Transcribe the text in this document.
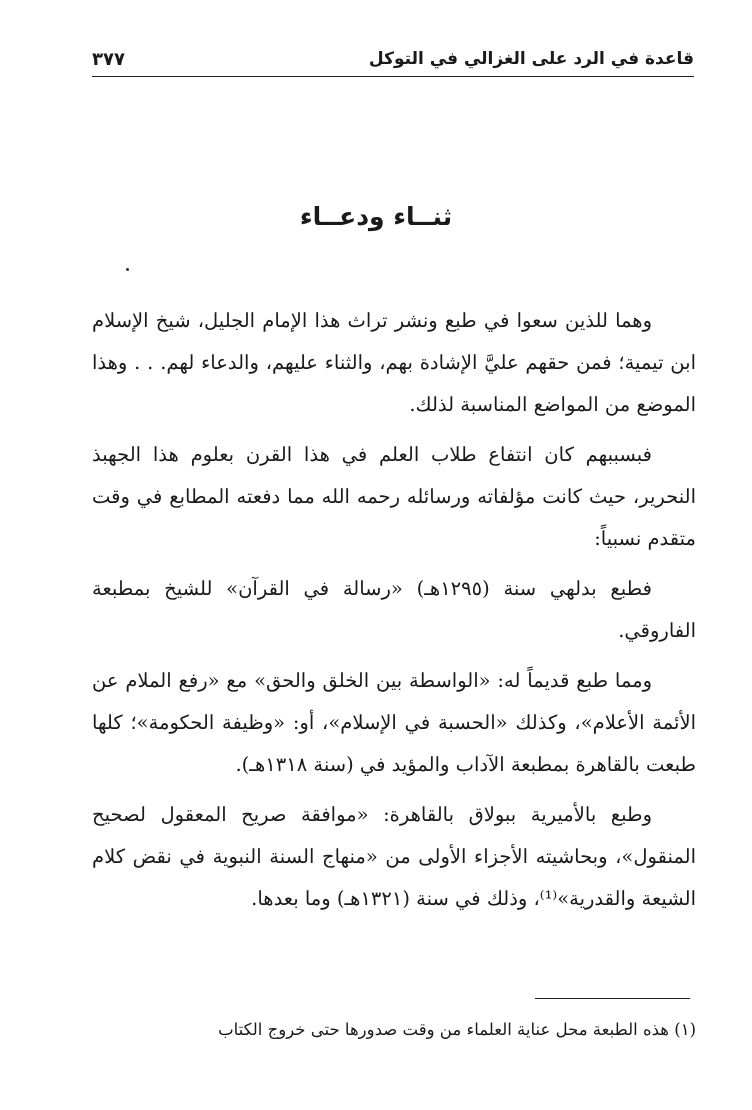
قاعدة في الرد على الغزالي في التوكل
٣٧٧
ثنــاء ودعــاء

وهما للذين سعوا في طبع ونشر تراث هذا الإمام الجليل، شيخ الإسلام ابن تيمية؛ فمن حقهم عليَّ الإشادة بهم، والثناء عليهم، والدعاء لهم. . . وهذا الموضع من المواضع المناسبة لذلك.

فبسببهم كان انتفاع طلاب العلم في هذا القرن بعلوم هذا الجهبذ النحرير، حيث كانت مؤلفاته ورسائله رحمه الله مما دفعته المطابع في وقت متقدم نسبياً:

فطبع بدلهي سنة (١٢٩٥هـ) «رسالة في القرآن» للشيخ بمطبعة الفاروقي.

ومما طبع قديماً له: «الواسطة بين الخلق والحق» مع «رفع الملام عن الأئمة الأعلام»، وكذلك «الحسبة في الإسلام»، أو: «وظيفة الحكومة»؛ كلها طبعت بالقاهرة بمطبعة الآداب والمؤيد في (سنة ١٣١٨هـ).

وطبع بالأميرية ببولاق بالقاهرة: «موافقة صريح المعقول لصحيح المنقول»، وبحاشيته الأجزاء الأولى من «منهاج السنة النبوية في نقض كلام الشيعة والقدرية»⁽¹⁾، وذلك في سنة (١٣٢١هـ) وما بعدها.

(١) هذه الطبعة محل عناية العلماء من وقت صدورها حتى خروج الكتاب
